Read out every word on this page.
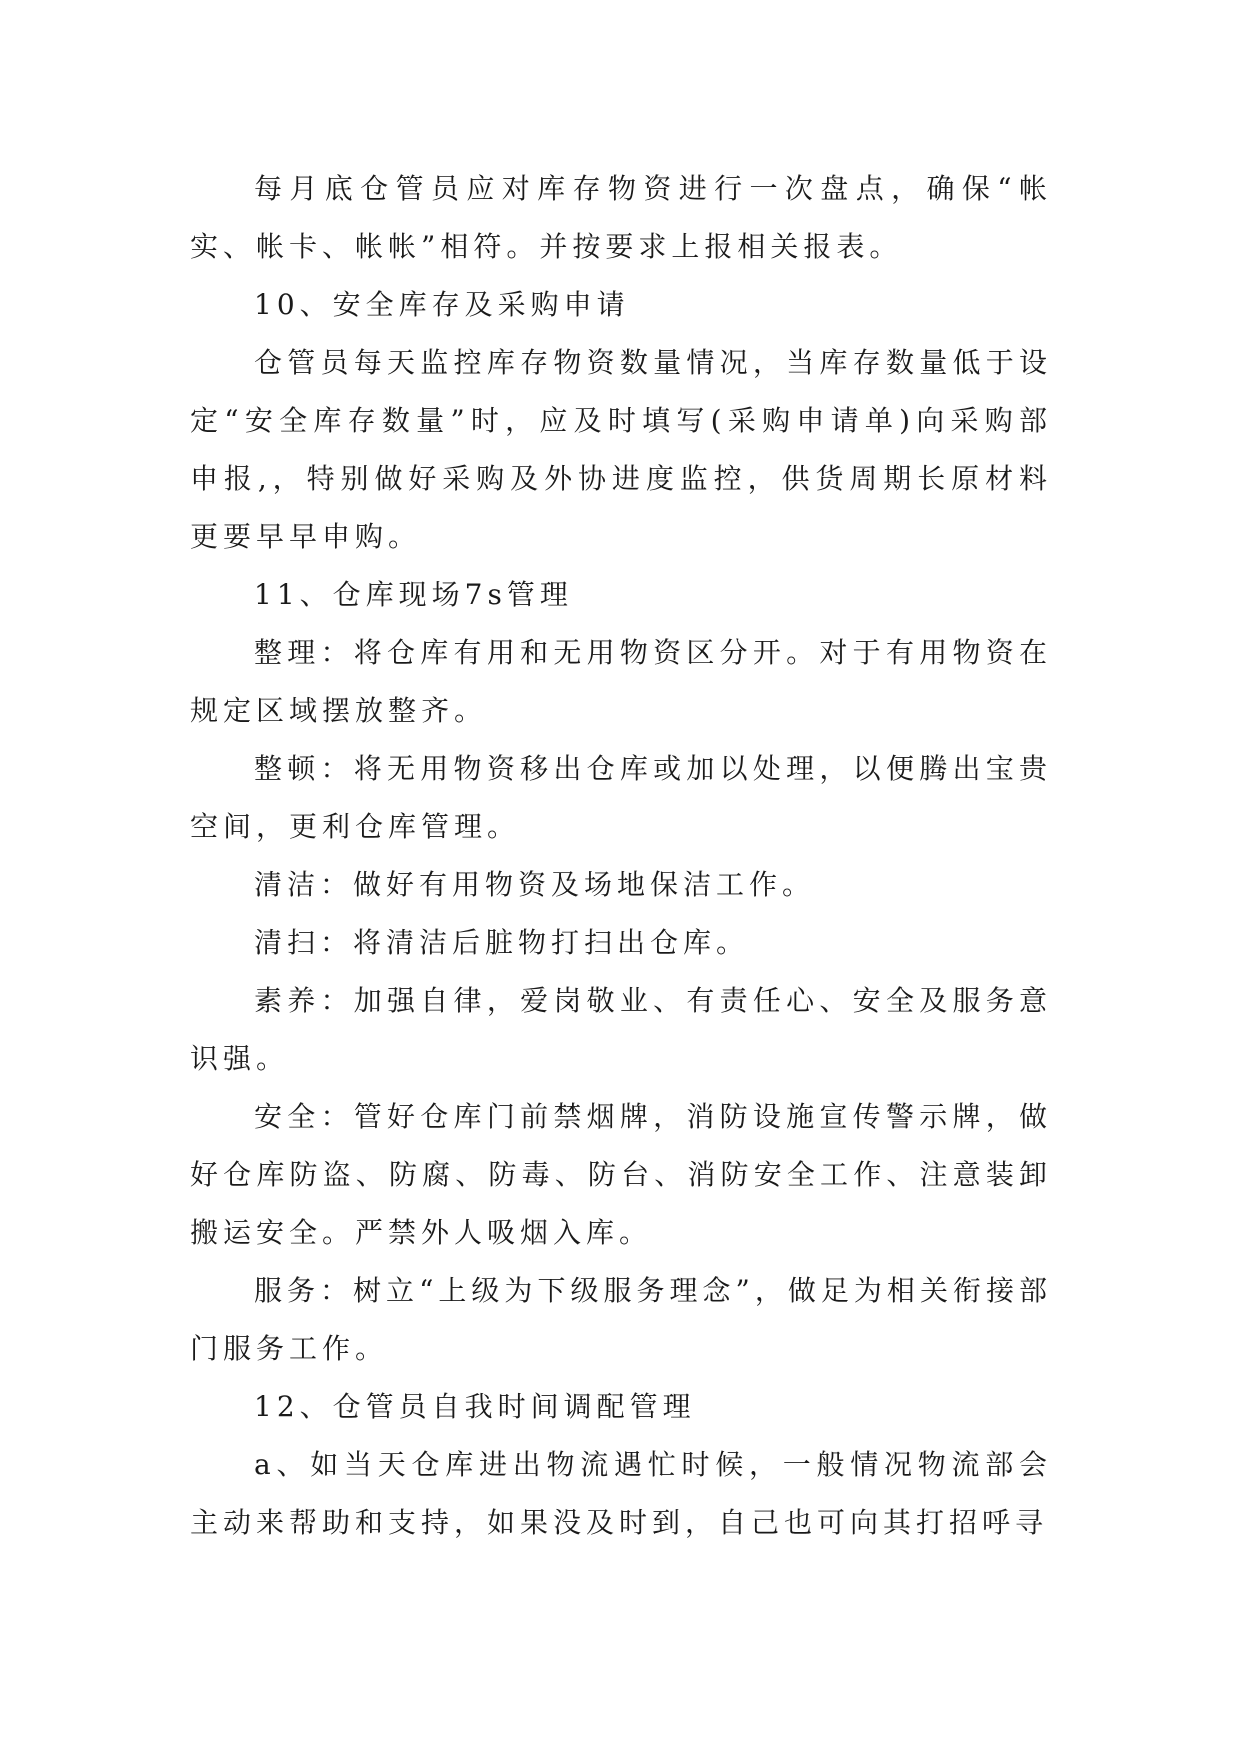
每月底仓管员应对库存物资进行一次盘点，确保“帐实、帐卡、帐帐”相符。并按要求上报相关报表。

10、安全库存及采购申请

仓管员每天监控库存物资数量情况，当库存数量低于设定“安全库存数量”时，应及时填写(采购申请单)向采购部申报,，特别做好采购及外协进度监控，供货周期长原材料更要早早申购。

11、仓库现场7s管理

整理：将仓库有用和无用物资区分开。对于有用物资在规定区域摆放整齐。

整顿：将无用物资移出仓库或加以处理，以便腾出宝贵空间，更利仓库管理。

清洁：做好有用物资及场地保洁工作。

清扫：将清洁后脏物打扫出仓库。

素养：加强自律，爱岗敬业、有责任心、安全及服务意识强。

安全：管好仓库门前禁烟牌，消防设施宣传警示牌，做好仓库防盗、防腐、防毒、防台、消防安全工作、注意装卸搬运安全。严禁外人吸烟入库。

服务：树立“上级为下级服务理念”，做足为相关衔接部门服务工作。

12、仓管员自我时间调配管理

a、如当天仓库进出物流遇忙时候，一般情况物流部会主动来帮助和支持，如果没及时到，自己也可向其打招呼寻
